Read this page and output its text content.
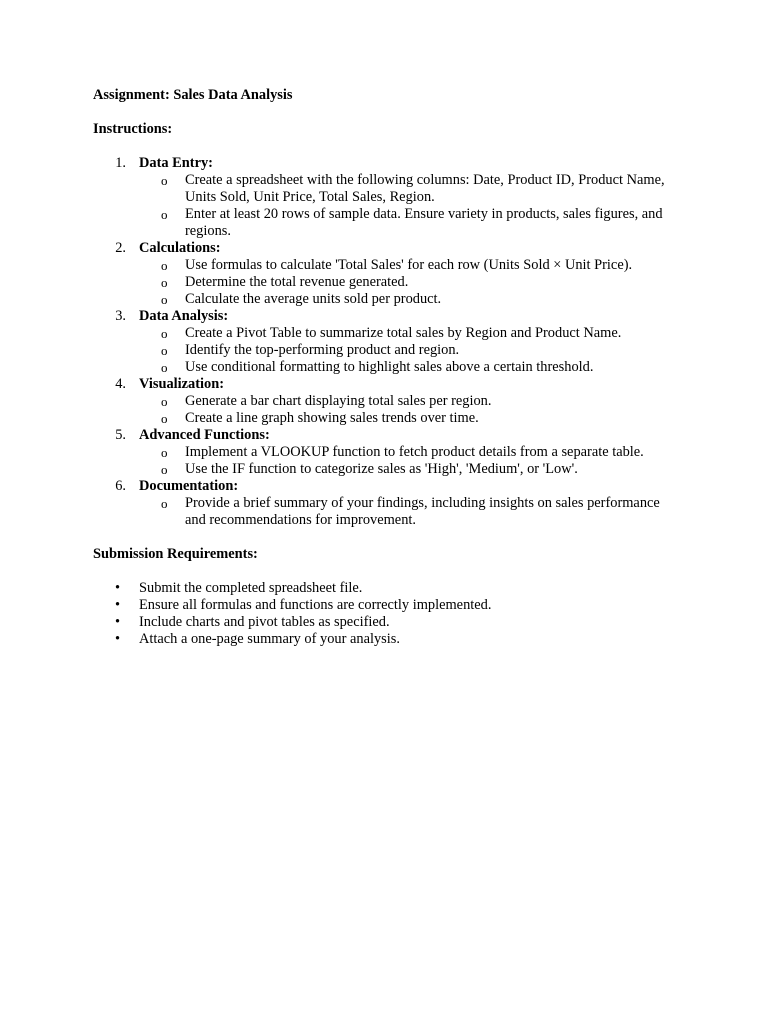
Assignment: Sales Data Analysis

Instructions:

1. Data Entry:
o Create a spreadsheet with the following columns: Date, Product ID, Product Name, Units Sold, Unit Price, Total Sales, Region.
o Enter at least 20 rows of sample data. Ensure variety in products, sales figures, and regions.
2. Calculations:
o Use formulas to calculate 'Total Sales' for each row (Units Sold × Unit Price).
o Determine the total revenue generated.
o Calculate the average units sold per product.
3. Data Analysis:
o Create a Pivot Table to summarize total sales by Region and Product Name.
o Identify the top-performing product and region.
o Use conditional formatting to highlight sales above a certain threshold.
4. Visualization:
o Generate a bar chart displaying total sales per region.
o Create a line graph showing sales trends over time.
5. Advanced Functions:
o Implement a VLOOKUP function to fetch product details from a separate table.
o Use the IF function to categorize sales as 'High', 'Medium', or 'Low'.
6. Documentation:
o Provide a brief summary of your findings, including insights on sales performance and recommendations for improvement.

Submission Requirements:

• Submit the completed spreadsheet file.
• Ensure all formulas and functions are correctly implemented.
• Include charts and pivot tables as specified.
• Attach a one-page summary of your analysis.
